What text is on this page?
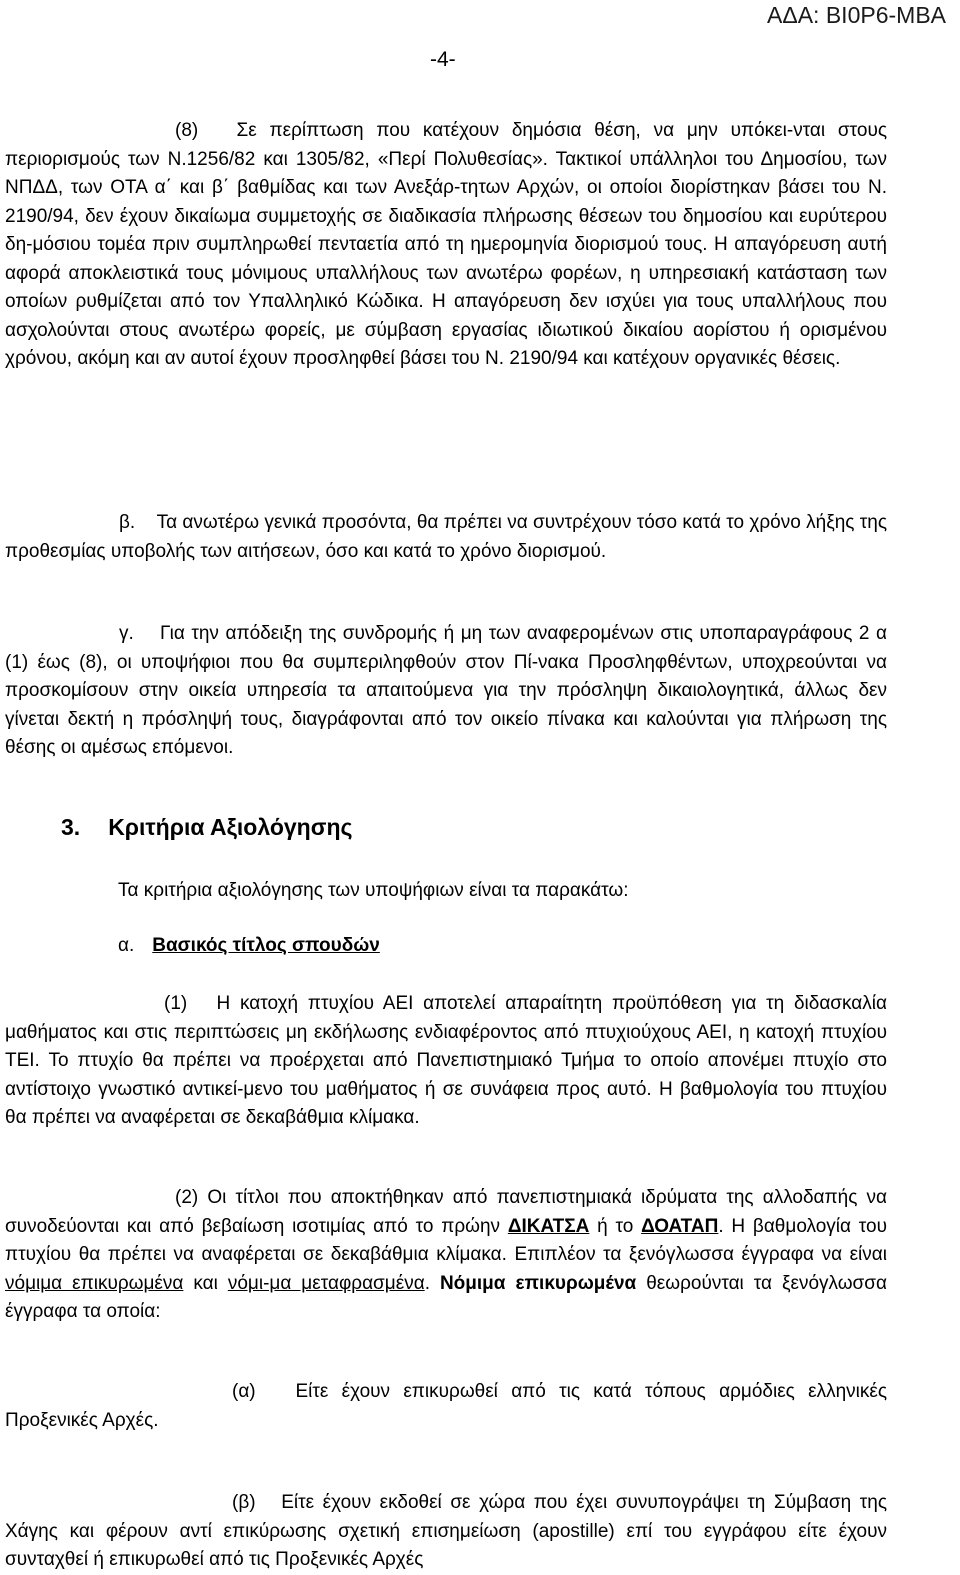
ΑΔΑ: ΒΙ0Ρ6-ΜΒΑ
-4-
(8)   Σε περίπτωση που κατέχουν δημόσια θέση, να μην υπόκει-νται στους περιορισμούς των Ν.1256/82 και 1305/82, «Περί Πολυθεσίας». Τακτικοί υπάλληλοι του Δημοσίου, των ΝΠΔΔ, των ΟΤΑ α΄ και β΄ βαθμίδας και των Ανεξάρ-τητων Αρχών, οι οποίοι διορίστηκαν βάσει του Ν. 2190/94, δεν έχουν δικαίωμα συμμετοχής σε διαδικασία πλήρωσης θέσεων του δημοσίου και ευρύτερου δη-μόσιου τομέα πριν συμπληρωθεί πενταετία από τη ημερομηνία διορισμού τους. Η απαγόρευση αυτή αφορά αποκλειστικά τους μόνιμους υπαλλήλους των ανωτέρω φορέων, η υπηρεσιακή κατάσταση των οποίων ρυθμίζεται από τον Υπαλληλικό Κώδικα. Η απαγόρευση δεν ισχύει για τους υπαλλήλους που ασχολούνται στους ανωτέρω φορείς, με σύμβαση εργασίας ιδιωτικού δικαίου αορίστου ή ορισμένου χρόνου, ακόμη και αν αυτοί έχουν προσληφθεί βάσει του Ν. 2190/94 και κατέχουν οργανικές θέσεις.
β.    Τα ανωτέρω γενικά προσόντα, θα πρέπει να συντρέχουν τόσο κατά το χρόνο λήξης της προθεσμίας υποβολής των αιτήσεων, όσο και κατά το χρόνο διορισμού.
γ.    Για την απόδειξη της συνδρομής ή μη των αναφερομένων στις υποπαραγράφους 2 α (1) έως (8), οι υποψήφιοι που θα συμπεριληφθούν στον Πί-νακα Προσληφθέντων, υποχρεούνται να προσκομίσουν στην οικεία υπηρεσία τα απαιτούμενα για την πρόσληψη δικαιολογητικά, άλλως δεν γίνεται δεκτή η πρόσληψή τους, διαγράφονται από τον οικείο πίνακα και καλούνται για πλήρωση της θέσης οι αμέσως επόμενοι.
3. Κριτήρια Αξιολόγησης
Τα κριτήρια αξιολόγησης των υποψήφιων είναι τα παρακάτω:
α. Βασικός τίτλος σπουδών
(1)   Η κατοχή πτυχίου ΑΕΙ αποτελεί απαραίτητη προϋπόθεση για τη διδασκαλία μαθήματος και στις περιπτώσεις μη εκδήλωσης ενδιαφέροντος από πτυχιούχους ΑΕΙ, η κατοχή πτυχίου ΤΕΙ. Το πτυχίο θα πρέπει να προέρχεται από Πανεπιστημιακό Τμήμα το οποίο απονέμει πτυχίο στο αντίστοιχο γνωστικό αντικεί-μενο του μαθήματος ή σε συνάφεια προς αυτό. Η βαθμολογία του πτυχίου θα πρέπει να αναφέρεται σε δεκαβάθμια κλίμακα.
(2) Οι τίτλοι που αποκτήθηκαν από πανεπιστημιακά ιδρύματα της αλλοδαπής να συνοδεύονται και από βεβαίωση ισοτιμίας από το πρώην ΔΙΚΑΤΣΑ ή το ΔΟΑΤΑΠ. Η βαθμολογία του πτυχίου θα πρέπει να αναφέρεται σε δεκαβάθμια κλίμακα. Επιπλέον τα ξενόγλωσσα έγγραφα να είναι νόμιμα επικυρωμένα και νόμι-μα μεταφρασμένα. Νόμιμα επικυρωμένα θεωρούνται τα ξενόγλωσσα έγγραφα τα οποία:
(α)   Είτε έχουν επικυρωθεί από τις κατά τόπους αρμόδιες ελληνικές Προξενικές Αρχές.
(β)   Είτε έχουν εκδοθεί σε χώρα που έχει συνυπογράψει τη Σύμβαση της Χάγης και φέρουν αντί επικύρωσης σχετική επισημείωση (apostille) επί του εγγράφου είτε έχουν συνταχθεί ή επικυρωθεί από τις Προξενικές Αρχές
